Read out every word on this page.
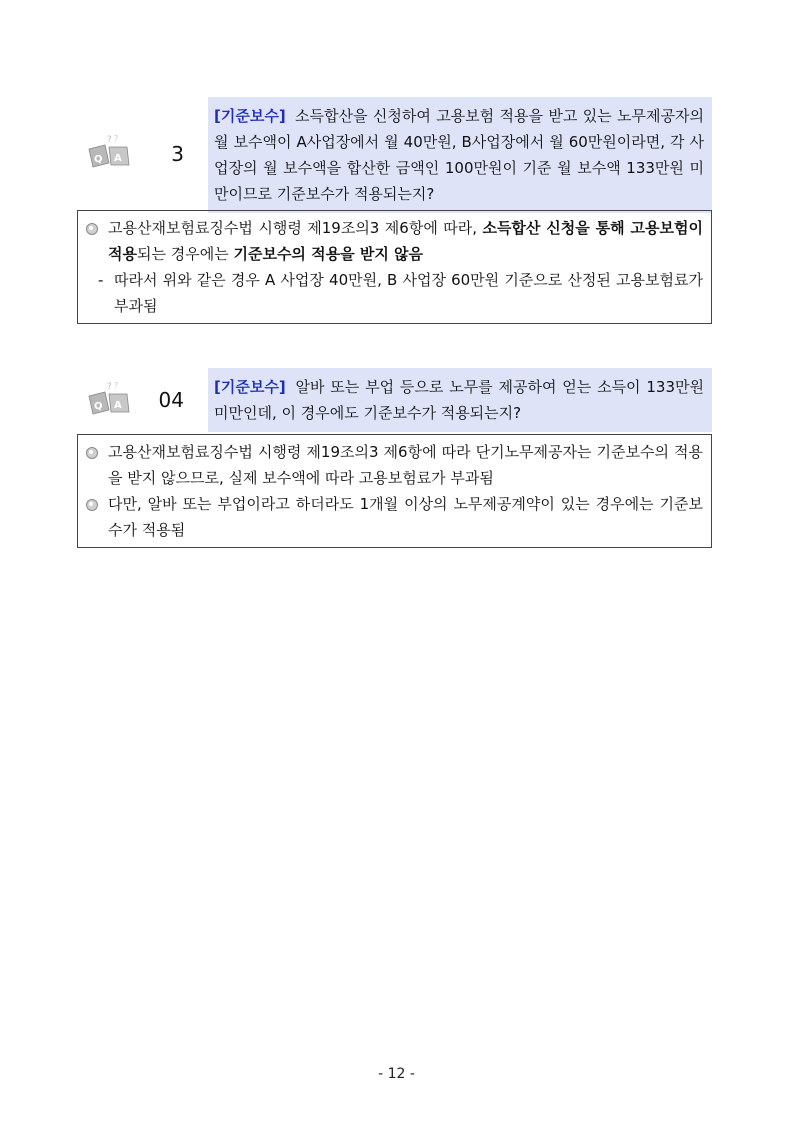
? ?
Q A 3
[기준보수] 소득합산을 신청하여 고용보험 적용을 받고 있는 노무제공자의 월 보수액이 A사업장에서 월 40만원, B사업장에서 월 60만원이라면, 각 사업장의 월 보수액을 합산한 금액인 100만원이 기준 월 보수액 133만원 미만이므로 기준보수가 적용되는지?
고용산재보험료징수법 시행령 제19조의3 제6항에 따라, 소득합산 신청을 통해 고용보험이 적용되는 경우에는 기준보수의 적용을 받지 않음
- 따라서 위와 같은 경우 A 사업장 40만원, B 사업장 60만원 기준으로 산정된 고용보험료가 부과됨
? ?
Q A 04
[기준보수] 알바 또는 부업 등으로 노무를 제공하여 얻는 소득이 133만원 미만인데, 이 경우에도 기준보수가 적용되는지?
고용산재보험료징수법 시행령 제19조의3 제6항에 따라 단기노무제공자는 기준보수의 적용을 받지 않으므로, 실제 보수액에 따라 고용보험료가 부과됨
다만, 알바 또는 부업이라고 하더라도 1개월 이상의 노무제공계약이 있는 경우에는 기준보수가 적용됨
- 12 -
